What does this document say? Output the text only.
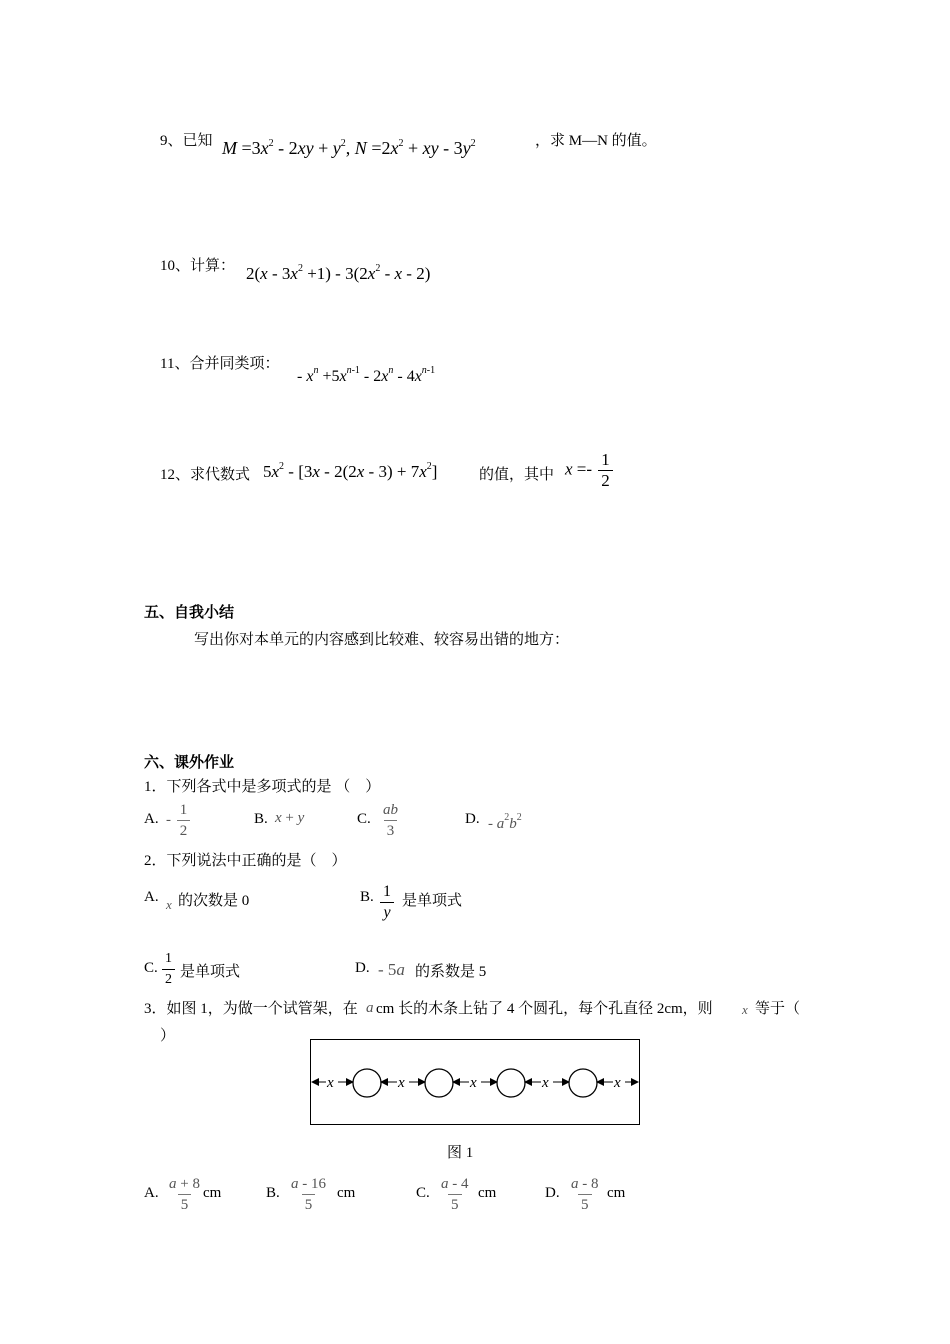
9、已知 $M =3x^2 - 2xy + y^2$, $N =2x^2$ + xy - $3y^2$	，求 M—N 的值。
10、计算： $2(x - 3x^2 +1) - 3(2x^2 - x - 2)$
11、合并同类项：
- $x^n +5x^{n-1} - 2x^n - 4x^{n-1}$
12、求代数式 $5x^2 - [3x - 2(2x - 3) + 7x^2]$	的值，其中 $x =- \frac{1}{2}$
五、自我小结
写出你对本单元的内容感到比较难、较容易出错的地方：
六、课外作业
1．下列各式中是多项式的是 （　）
A. - $\frac{1}{2}$	B. x + y	C. $\frac{ab}{3}$	D. - $a^2b^2$
2．下列说法中正确的是（　）
A. x 的次数是 0	B. $\frac{1}{y}$ 是单项式
C. $\frac{1}{2}$ 是单项式	D. - 5a 的系数是 5
3．如图 1，为做一个试管架，在 a cm 长的木条上钻了 4 个圆孔，每个孔直径 2cm，则 x 等于（
）
x	x	x	x	x
图 1
A. $\frac{a + 8}{5}$ cm	B. $\frac{a - 16}{5}$ cm	C. $\frac{a - 4}{5}$ cm	D. $\frac{a - 8}{5}$ cm
